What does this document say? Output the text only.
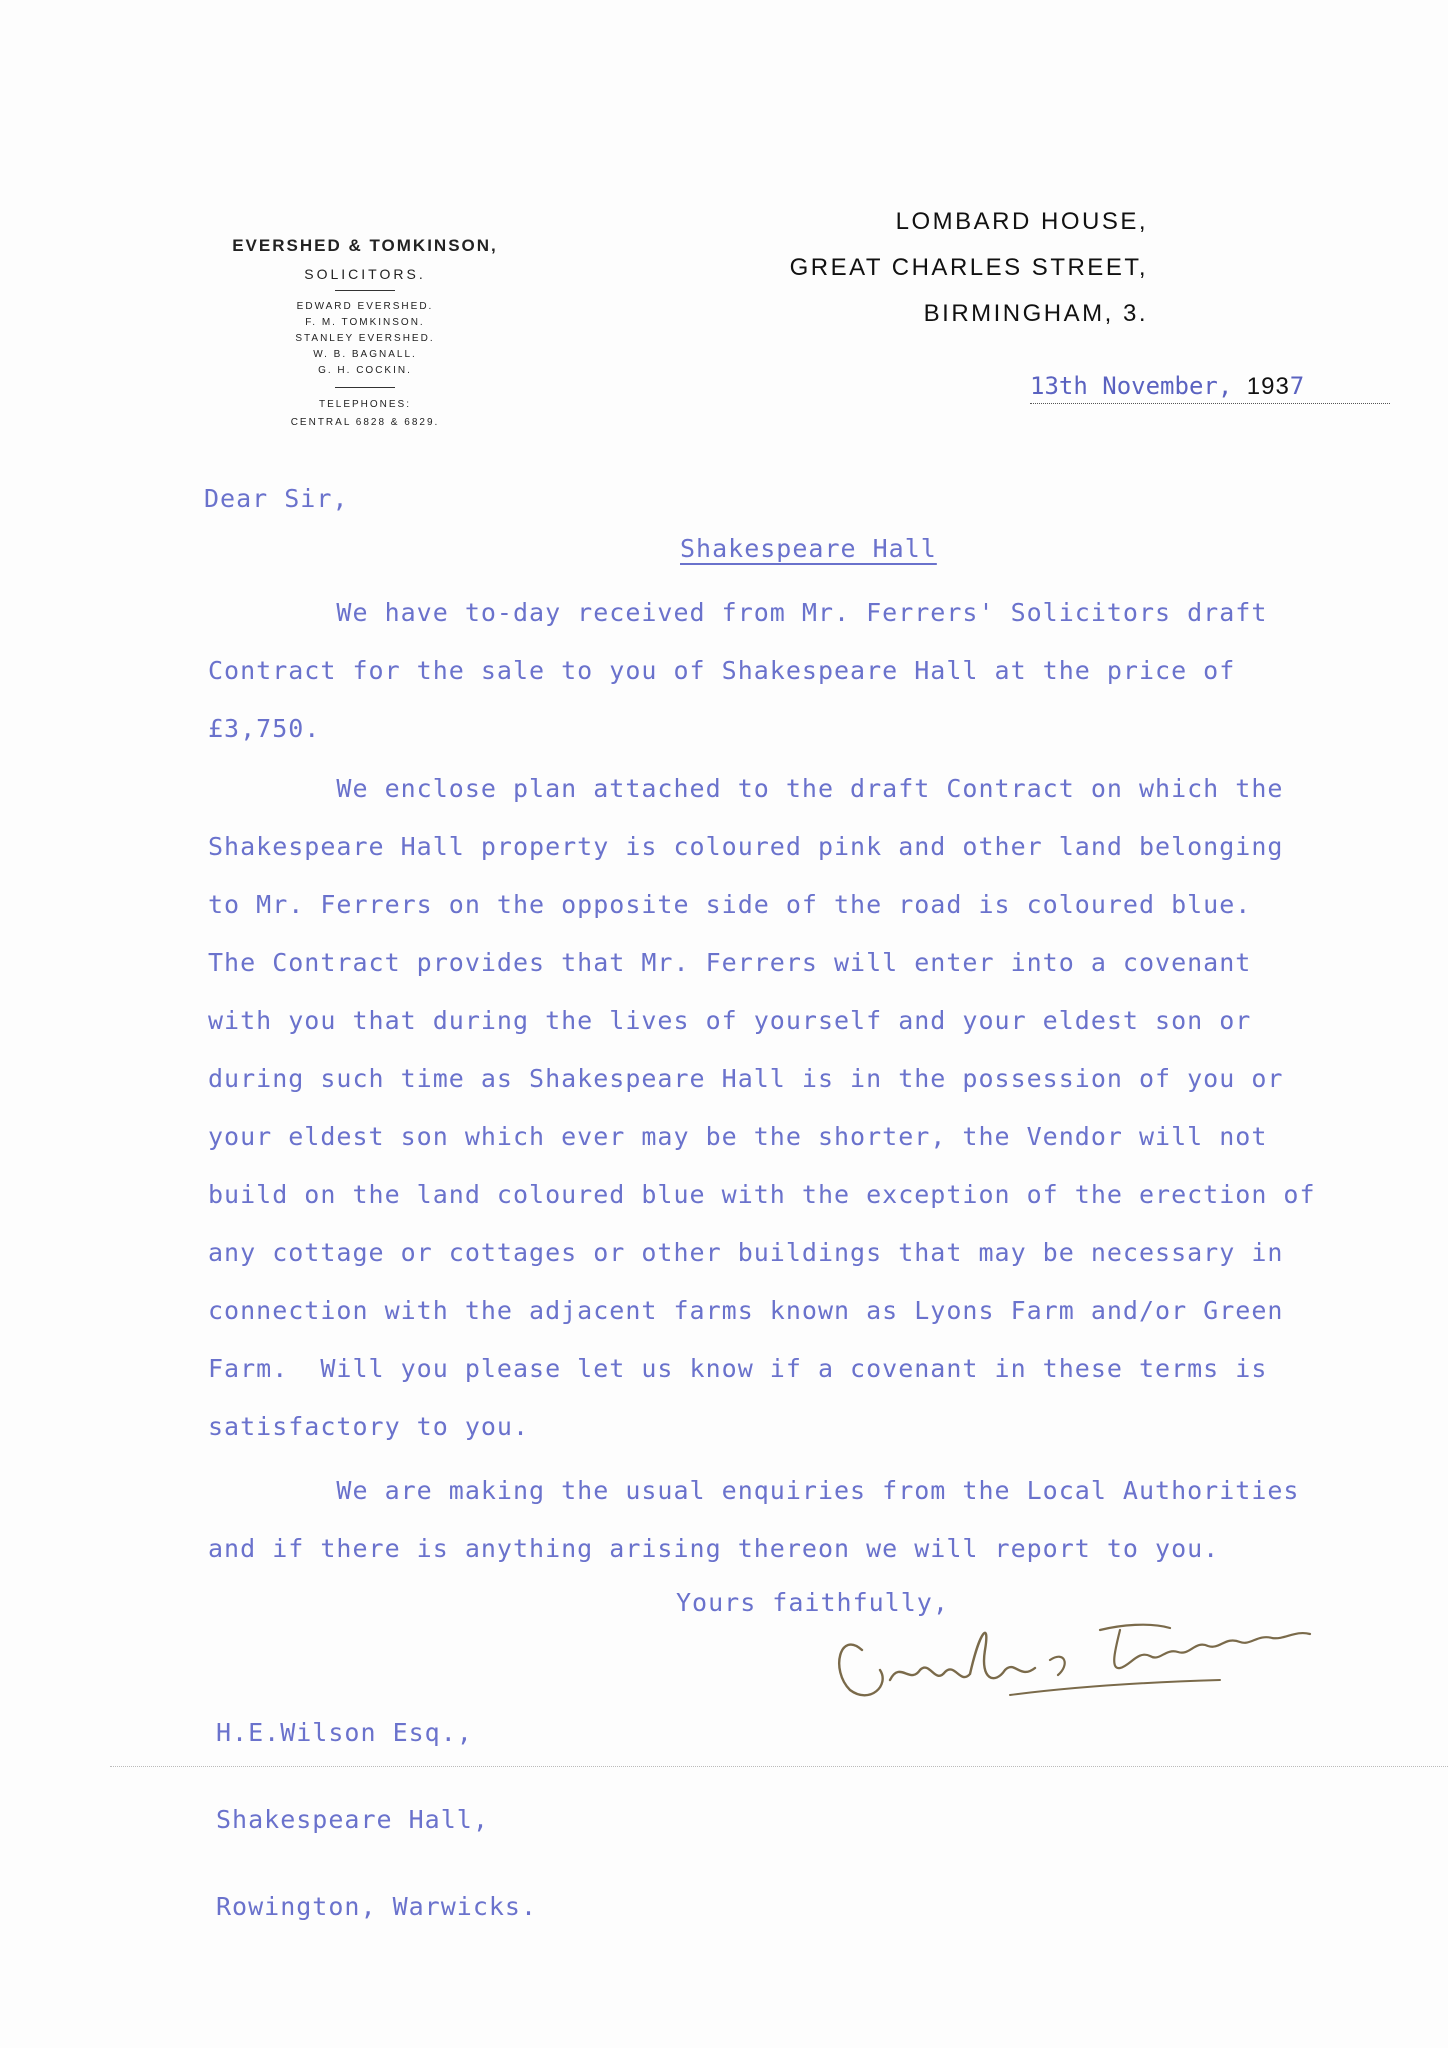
EVERSHED & TOMKINSON,
SOLICITORS.
EDWARD EVERSHED.
F. M. TOMKINSON.
STANLEY EVERSHED.
W. B. BAGNALL.
G. H. COCKIN.
TELEPHONES:
CENTRAL 6828 & 6829.
LOMBARD HOUSE,
GREAT CHARLES STREET,
BIRMINGHAM, 3.
13th November, 1937
Dear Sir,
Shakespeare Hall
We have to-day received from Mr. Ferrers' Solicitors draft
Contract for the sale to you of Shakespeare Hall at the price of
£3,750.
We enclose plan attached to the draft Contract on which the
Shakespeare Hall property is coloured pink and other land belonging
to Mr. Ferrers on the opposite side of the road is coloured blue.
The Contract provides that Mr. Ferrers will enter into a covenant
with you that during the lives of yourself and your eldest son or
during such time as Shakespeare Hall is in the possession of you or
your eldest son which ever may be the shorter, the Vendor will not
build on the land coloured blue with the exception of the erection of
any cottage or cottages or other buildings that may be necessary in
connection with the adjacent farms known as Lyons Farm and/or Green
Farm.  Will you please let us know if a covenant in these terms is
satisfactory to you.
We are making the usual enquiries from the Local Authorities
and if there is anything arising thereon we will report to you.
Yours faithfully,

H.E.Wilson Esq.,

Shakespeare Hall,

Rowington, Warwicks.
